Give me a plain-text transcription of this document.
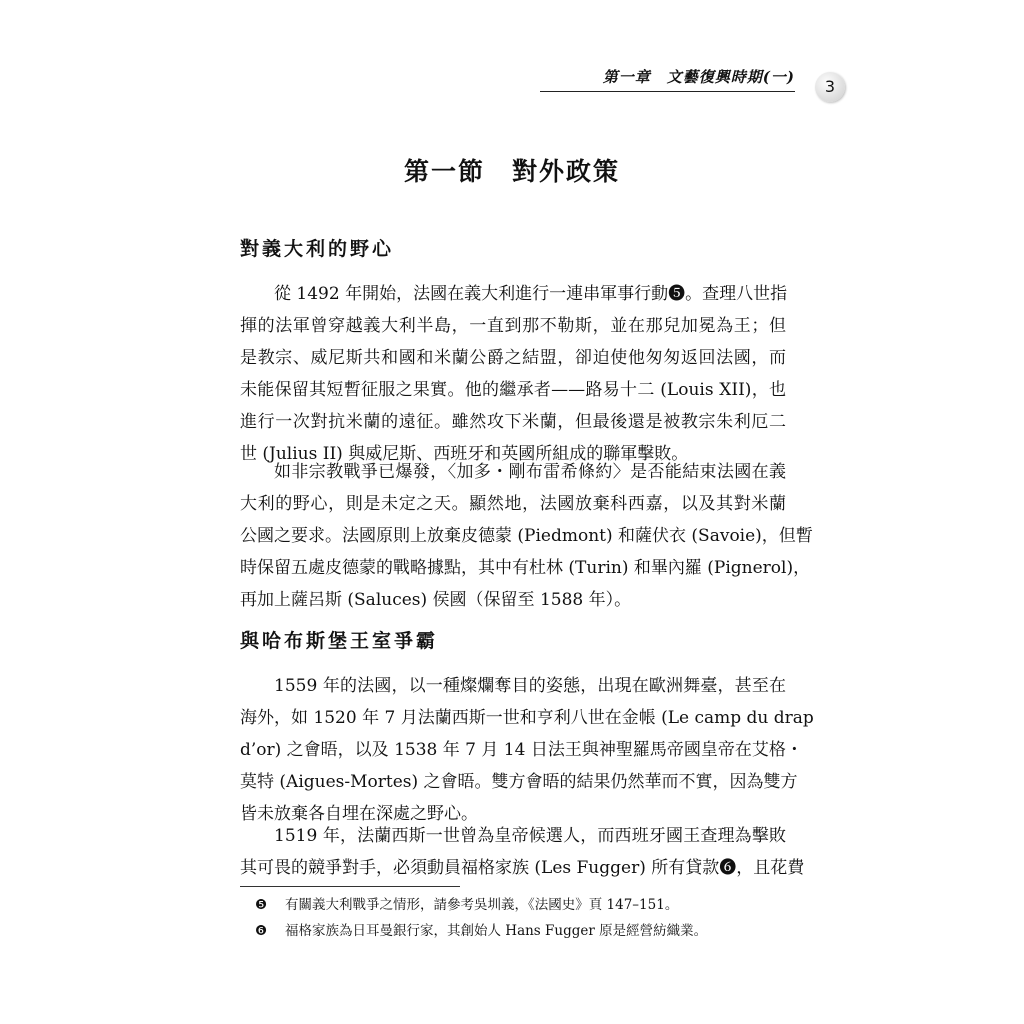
第一章　文藝復興時期(一)	3
第一節　對外政策
對義大利的野心
從 1492 年開始，法國在義大利進行一連串軍事行動❺。查理八世指
揮的法軍曾穿越義大利半島，一直到那不勒斯，並在那兒加冕為王；但
是教宗、威尼斯共和國和米蘭公爵之結盟，卻迫使他匆匆返回法國，而
未能保留其短暫征服之果實。他的繼承者——路易十二 (Louis XII)，也
進行一次對抗米蘭的遠征。雖然攻下米蘭，但最後還是被教宗朱利厄二
世 (Julius II) 與威尼斯、西班牙和英國所組成的聯軍擊敗。
如非宗教戰爭已爆發，〈加多・剛布雷希條約〉是否能結束法國在義
大利的野心，則是未定之天。顯然地，法國放棄科西嘉，以及其對米蘭
公國之要求。法國原則上放棄皮德蒙 (Piedmont) 和薩伏衣 (Savoie)，但暫
時保留五處皮德蒙的戰略據點，其中有杜林 (Turin) 和畢內羅 (Pignerol)，
再加上薩呂斯 (Saluces) 侯國（保留至 1588 年）。
與哈布斯堡王室爭霸
1559 年的法國，以一種燦爛奪目的姿態，出現在歐洲舞臺，甚至在
海外，如 1520 年 7 月法蘭西斯一世和亨利八世在金帳 (Le camp du drap
d’or) 之會晤，以及 1538 年 7 月 14 日法王與神聖羅馬帝國皇帝在艾格・
莫特 (Aigues-Mortes) 之會晤。雙方會晤的結果仍然華而不實，因為雙方
皆未放棄各自埋在深處之野心。
1519 年，法蘭西斯一世曾為皇帝候選人，而西班牙國王查理為擊敗
其可畏的競爭對手，必須動員福格家族 (Les Fugger) 所有貸款❻，且花費
❺ 有關義大利戰爭之情形，請參考吳圳義，《法國史》頁 147–151。
❻ 福格家族為日耳曼銀行家，其創始人 Hans Fugger 原是經營紡織業。
